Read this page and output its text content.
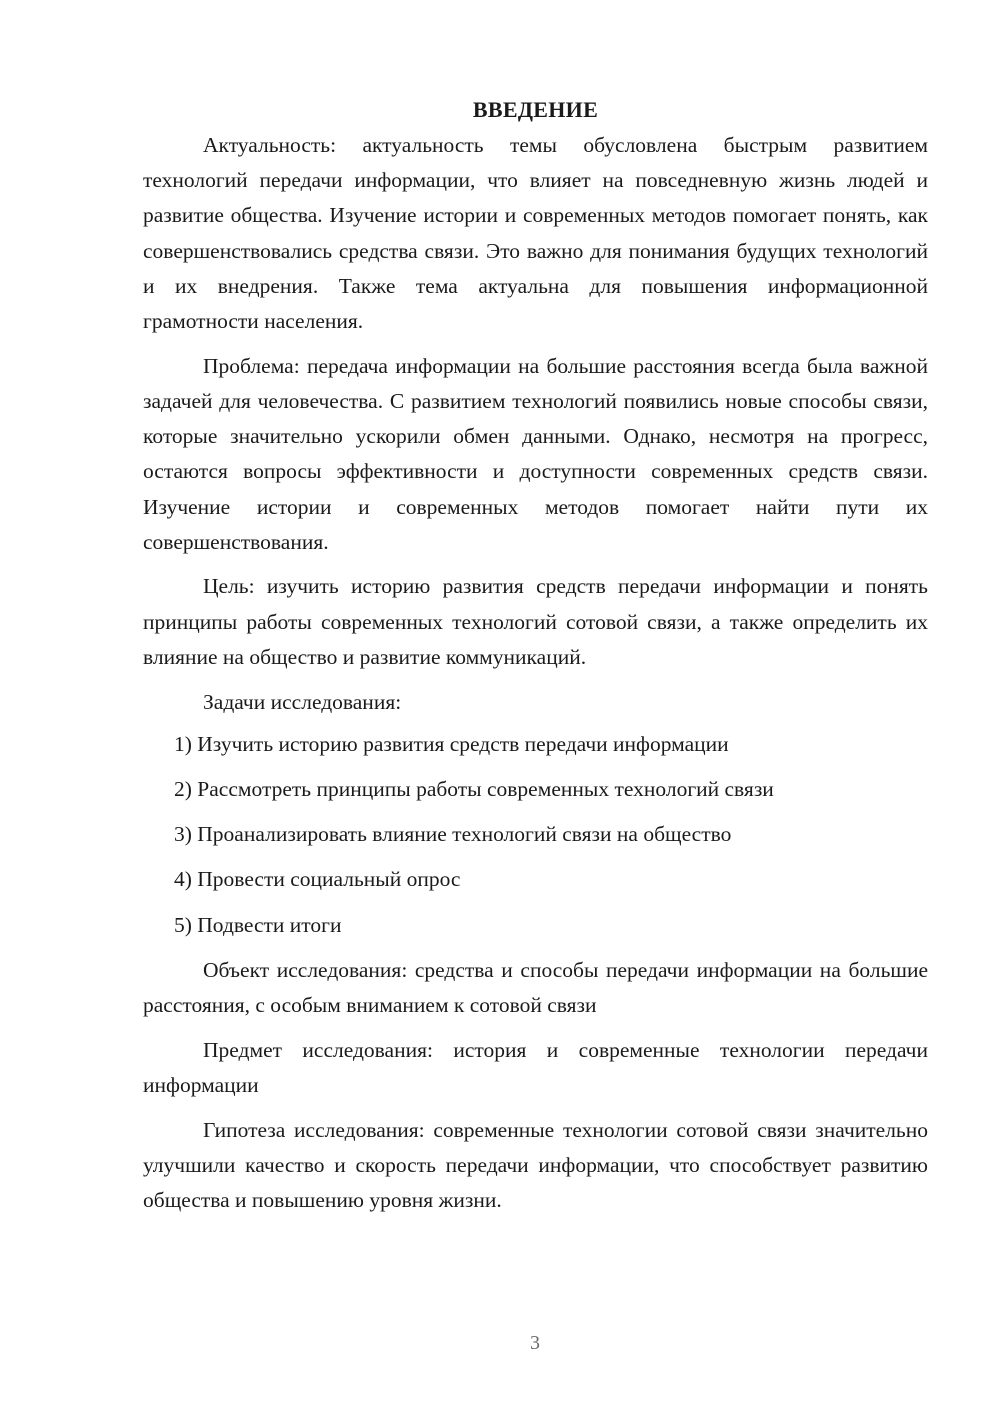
ВВЕДЕНИЕ

Актуальность: актуальность темы обусловлена быстрым развитием технологий передачи информации, что влияет на повседневную жизнь людей и развитие общества. Изучение истории и современных методов помогает понять, как совершенствовались средства связи. Это важно для понимания будущих технологий и их внедрения. Также тема актуальна для повышения информационной грамотности населения.

Проблема: передача информации на большие расстояния всегда была важной задачей для человечества. С развитием технологий появились новые способы связи, которые значительно ускорили обмен данными. Однако, несмотря на прогресс, остаются вопросы эффективности и доступности современных средств связи. Изучение истории и современных методов помогает найти пути их совершенствования.

Цель: изучить историю развития средств передачи информации и понять принципы работы современных технологий сотовой связи, а также определить их влияние на общество и развитие коммуникаций.

Задачи исследования:

1) Изучить историю развития средств передачи информации
2) Рассмотреть принципы работы современных технологий связи
3) Проанализировать влияние технологий связи на общество
4) Провести социальный опрос
5) Подвести итоги

Объект исследования: средства и способы передачи информации на большие расстояния, с особым вниманием к сотовой связи

Предмет исследования: история и современные технологии передачи информации

Гипотеза исследования: современные технологии сотовой связи значительно улучшили качество и скорость передачи информации, что способствует развитию общества и повышению уровня жизни.

3
